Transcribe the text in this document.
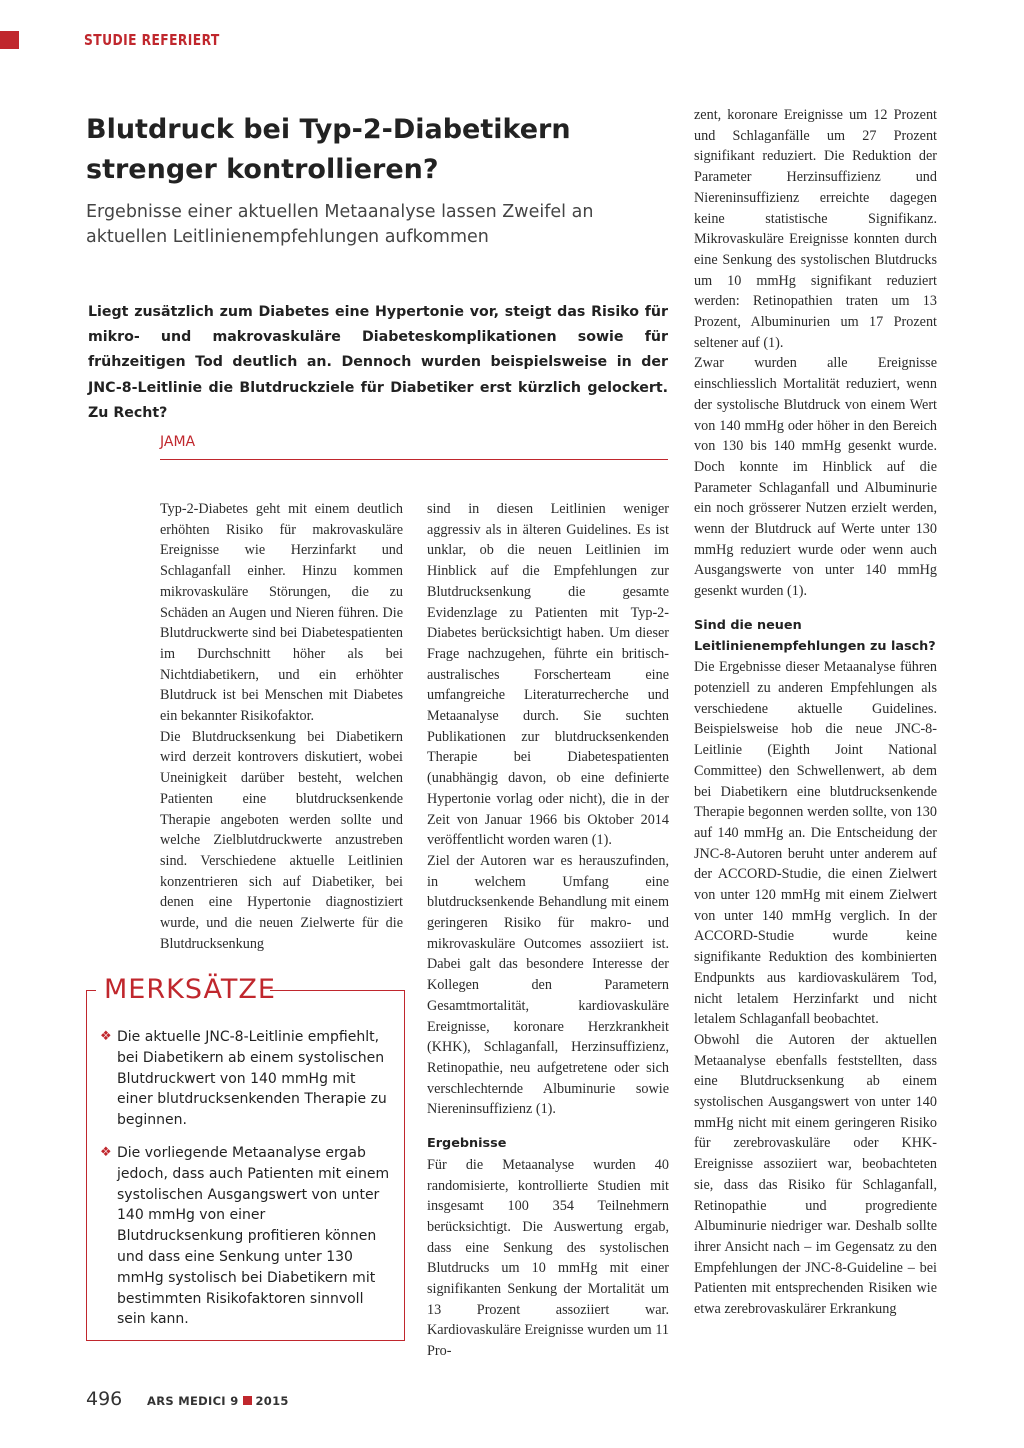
STUDIE REFERIERT
Blutdruck bei Typ-2-Diabetikern strenger kontrollieren?
Ergebnisse einer aktuellen Metaanalyse lassen Zweifel an aktuellen Leitlinienempfehlungen aufkommen
Liegt zusätzlich zum Diabetes eine Hypertonie vor, steigt das Risiko für mikro- und makrovaskuläre Diabeteskomplikationen sowie für frühzeitigen Tod deutlich an. Dennoch wurden beispielsweise in der JNC-8-Leitlinie die Blutdruckziele für Diabetiker erst kürzlich gelockert. Zu Recht?
JAMA

Typ-2-Diabetes geht mit einem deutlich erhöhten Risiko für makrovaskuläre Ereignisse wie Herzinfarkt und Schlaganfall einher. Hinzu kommen mikrovaskuläre Störungen, die zu Schäden an Augen und Nieren führen. Die Blutdruckwerte sind bei Diabetespatienten im Durchschnitt höher als bei Nichtdiabetikern, und ein erhöhter Blutdruck ist bei Menschen mit Diabetes ein bekannter Risikofaktor.

Die Blutdrucksenkung bei Diabetikern wird derzeit kontrovers diskutiert, wobei Uneinigkeit darüber besteht, welchen Patienten eine blutdrucksenkende Therapie angeboten werden sollte und welche Zielblutdruckwerte anzustreben sind. Verschiedene aktuelle Leitlinien konzentrieren sich auf Diabetiker, bei denen eine Hypertonie diagnostiziert wurde, und die neuen Zielwerte für die Blutdrucksenkung

sind in diesen Leitlinien weniger aggressiv als in älteren Guidelines. Es ist unklar, ob die neuen Leitlinien im Hinblick auf die Empfehlungen zur Blutdrucksenkung die gesamte Evidenzlage zu Patienten mit Typ-2-Diabetes berücksichtigt haben. Um dieser Frage nachzugehen, führte ein britisch-australisches Forscherteam eine umfangreiche Literaturrecherche und Metaanalyse durch. Sie suchten Publikationen zur blutdrucksenkenden Therapie bei Diabetespatienten (unabhängig davon, ob eine definierte Hypertonie vorlag oder nicht), die in der Zeit von Januar 1966 bis Oktober 2014 veröffentlicht worden waren (1).

Ziel der Autoren war es herauszufinden, in welchem Umfang eine blutdrucksenkende Behandlung mit einem geringeren Risiko für makro- und mikrovaskuläre Outcomes assoziiert ist. Dabei galt das besondere Interesse der Kollegen den Parametern Gesamtmortalität, kardiovaskuläre Ereignisse, koronare Herzkrankheit (KHK), Schlaganfall, Herzinsuffizienz, Retinopathie, neu aufgetretene oder sich verschlechternde Albuminurie sowie Niereninsuffizienz (1).

Ergebnisse

Für die Metaanalyse wurden 40 randomisierte, kontrollierte Studien mit insgesamt 100 354 Teilnehmern berücksichtigt. Die Auswertung ergab, dass eine Senkung des systolischen Blutdrucks um 10 mmHg mit einer signifikanten Senkung der Mortalität um 13 Prozent assoziiert war. Kardiovaskuläre Ereignisse wurden um 11 Pro-

zent, koronare Ereignisse um 12 Prozent und Schlaganfälle um 27 Prozent signifikant reduziert. Die Reduktion der Parameter Herzinsuffizienz und Niereninsuffizienz erreichte dagegen keine statistische Signifikanz. Mikrovaskuläre Ereignisse konnten durch eine Senkung des systolischen Blutdrucks um 10 mmHg signifikant reduziert werden: Retinopathien traten um 13 Prozent, Albuminurien um 17 Prozent seltener auf (1).

Zwar wurden alle Ereignisse einschliesslich Mortalität reduziert, wenn der systolische Blutdruck von einem Wert von 140 mmHg oder höher in den Bereich von 130 bis 140 mmHg gesenkt wurde. Doch konnte im Hinblick auf die Parameter Schlaganfall und Albuminurie ein noch grösserer Nutzen erzielt werden, wenn der Blutdruck auf Werte unter 130 mmHg reduziert wurde oder wenn auch Ausgangswerte von unter 140 mmHg gesenkt wurden (1).

Sind die neuen Leitlinienempfehlungen zu lasch?

Die Ergebnisse dieser Metaanalyse führen potenziell zu anderen Empfehlungen als verschiedene aktuelle Guidelines. Beispielsweise hob die neue JNC-8-Leitlinie (Eighth Joint National Committee) den Schwellenwert, ab dem bei Diabetikern eine blutdrucksenkende Therapie begonnen werden sollte, von 130 auf 140 mmHg an. Die Entscheidung der JNC-8-Autoren beruht unter anderem auf der ACCORD-Studie, die einen Zielwert von unter 120 mmHg mit einem Zielwert von unter 140 mmHg verglich. In der ACCORD-Studie wurde keine signifikante Reduktion des kombinierten Endpunkts aus kardiovaskulärem Tod, nicht letalem Herzinfarkt und nicht letalem Schlaganfall beobachtet.

Obwohl die Autoren der aktuellen Metaanalyse ebenfalls feststellten, dass eine Blutdrucksenkung ab einem systolischen Ausgangswert von unter 140 mmHg nicht mit einem geringeren Risiko für zerebrovaskuläre oder KHK-Ereignisse assoziiert war, beobachteten sie, dass das Risiko für Schlaganfall, Retinopathie und progrediente Albuminurie niedriger war. Deshalb sollte ihrer Ansicht nach – im Gegensatz zu den Empfehlungen der JNC-8-Guideline – bei Patienten mit entsprechenden Risiken wie etwa zerebrovaskulärer Erkrankung

MERKSÄTZE
❖ Die aktuelle JNC-8-Leitlinie empfiehlt, bei Diabetikern ab einem systolischen Blutdruckwert von 140 mmHg mit einer blutdrucksenkenden Therapie zu beginnen.
❖ Die vorliegende Metaanalyse ergab jedoch, dass auch Patienten mit einem systolischen Ausgangswert von unter 140 mmHg von einer Blutdrucksenkung profitieren können und dass eine Senkung unter 130 mmHg systolisch bei Diabetikern mit bestimmten Risikofaktoren sinnvoll sein kann.
496 ARS MEDICI 9 2015
